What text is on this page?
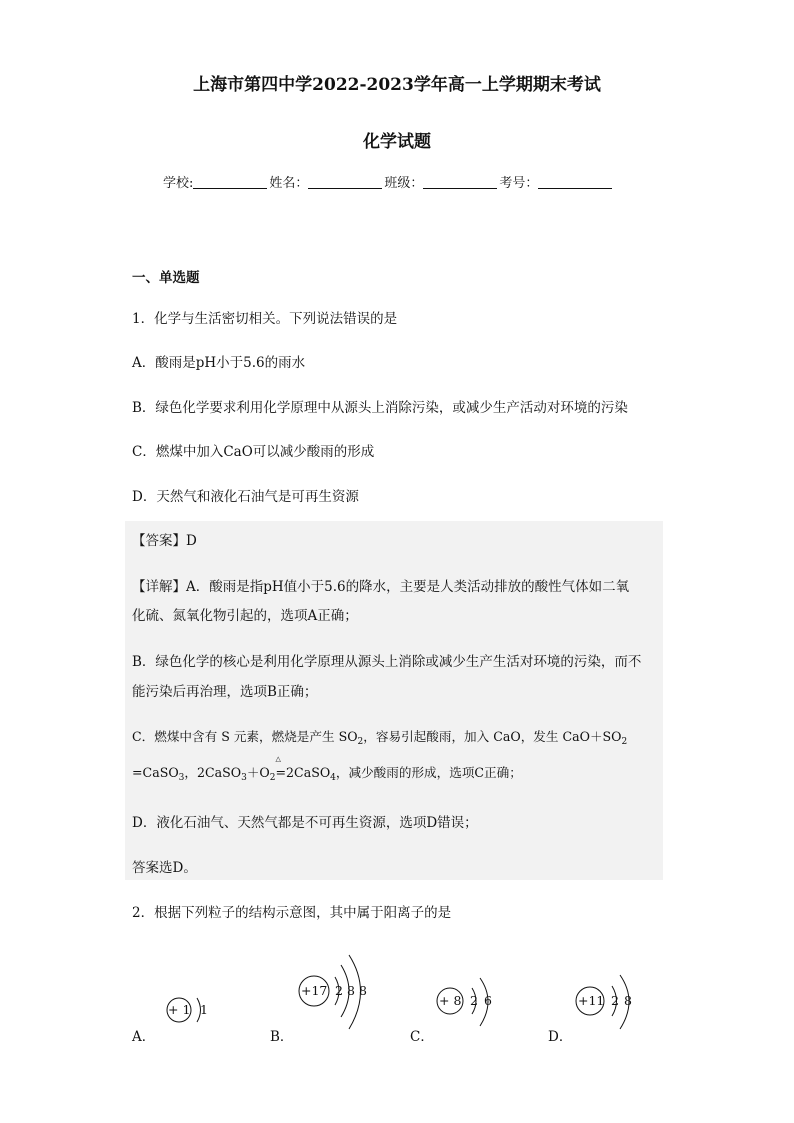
上海市第四中学2022-2023学年高一上学期期末考试
化学试题
学校:	姓名：	班级：	考号：
一、单选题
1．化学与生活密切相关。下列说法错误的是
A．酸雨是pH小于5.6的雨水
B．绿色化学要求利用化学原理中从源头上消除污染，或减少生产活动对环境的污染
C．燃煤中加入CaO可以减少酸雨的形成
D．天然气和液化石油气是可再生资源
【答案】D
【详解】A．酸雨是指pH值小于5.6的降水，主要是人类活动排放的酸性气体如二氧
化硫、氮氧化物引起的，选项A正确；
B．绿色化学的核心是利用化学原理从源头上消除或减少生产生活对环境的污染，而不
能污染后再治理，选项B正确；
C．燃煤中含有 S 元素，燃烧是产生 $SO_2$，容易引起酸雨，加入 CaO，发生 $CaO+SO_2$
=CaSO$_3$，$2CaSO_3+O_2$
△
=2CaSO$_4$，减少酸雨的形成，选项C正确；
D．液化石油气、天然气都是不可再生资源，选项D错误；
答案选D。
2．根据下列粒子的结构示意图，其中属于阳离子的是
A．
+ 1 1
B．
+17 2 8 8
C．
+ 8 2 6
D．
+11 2 8
